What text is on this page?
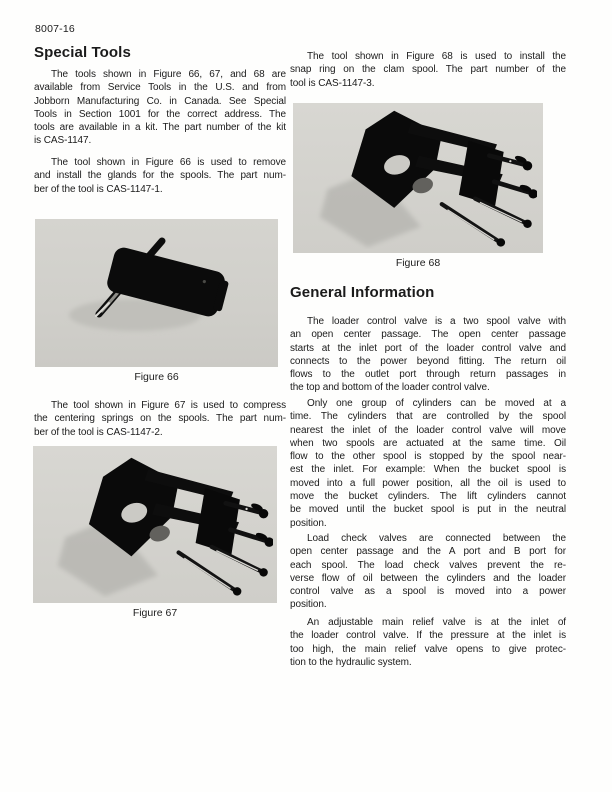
8007-16
Special Tools
The tools shown in Figure 66, 67, and 68 are
available from Service Tools in the U.S. and from
Jobborn Manufacturing Co. in Canada. See Special
Tools in Section 1001 for the correct address. The
tools are available in a kit. The part number of the kit
is CAS-1147.
The tool shown in Figure 66 is used to remove
and install the glands for the spools. The part num-
ber of the tool is CAS-1147-1.
Figure 66
The tool shown in Figure 67 is used to compress
the centering springs on the spools. The part num-
ber of the tool is CAS-1147-2.
Figure 67
The tool shown in Figure 68 is used to install the
snap ring on the clam spool. The part number of the
tool is CAS-1147-3.
Figure 68
General Information
The loader control valve is a two spool valve with
an open center passage. The open center passage
starts at the inlet port of the loader control valve and
connects to the power beyond fitting. The return oil
flows to the outlet port through return passages in
the top and bottom of the loader control valve.
Only one group of cylinders can be moved at a
time. The cylinders that are controlled by the spool
nearest the inlet of the loader control valve will move
when two spools are actuated at the same time. Oil
flow to the other spool is stopped by the spool near-
est the inlet. For example: When the bucket spool is
moved into a full power position, all the oil is used to
move the bucket cylinders. The lift cylinders cannot
be moved until the bucket spool is put in the neutral
position.
Load check valves are connected between the
open center passage and the A port and B port for
each spool. The load check valves prevent the re-
verse flow of oil between the cylinders and the loader
control valve as a spool is moved into a power
position.
An adjustable main relief valve is at the inlet of
the loader control valve. If the pressure at the inlet is
too high, the main relief valve opens to give protec-
tion to the hydraulic system.
